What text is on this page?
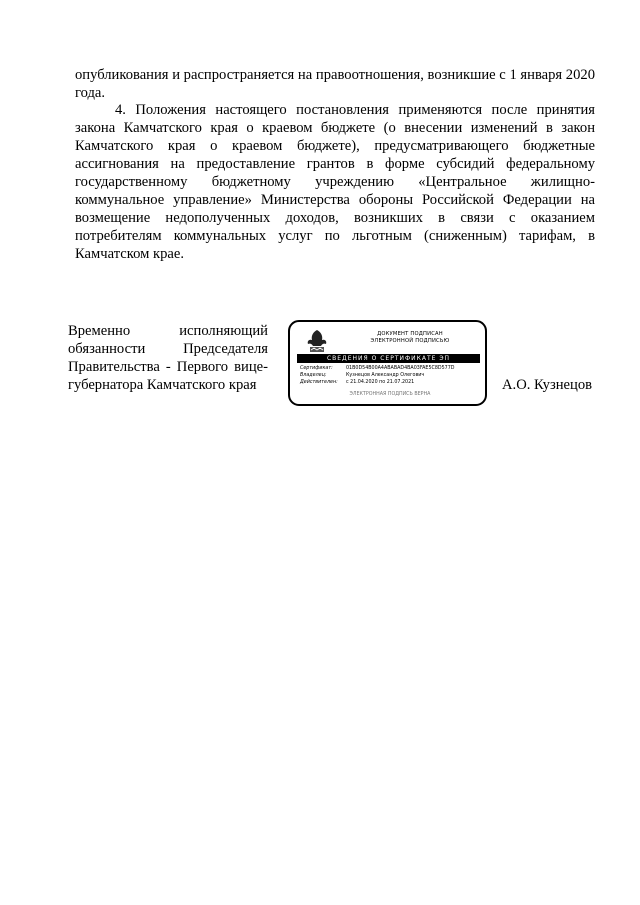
опубликования и распространяется на правоотношения, возникшие с 1 января 2020 года.

4. Положения настоящего постановления применяются после принятия закона Камчатского края о краевом бюджете (о внесении изменений в закон Камчатского края о краевом бюджете), предусматривающего бюджетные ассигнования на предоставление грантов в форме субсидий федеральному государственному бюджетному учреждению «Центральное жилищно-коммунальное управление» Министерства обороны Российской Федерации на возмещение недополученных доходов, возникших в связи с оказанием потребителям коммунальных услуг по льготным (сниженным) тарифам, в Камчатском крае.

Временно исполняющий обязанности Председателя Правительства - Первого вице-губернатора Камчатского края

ДОКУМЕНТ ПОДПИСАН
ЭЛЕКТРОННОЙ ПОДПИСЬЮ
СВЕДЕНИЯ О СЕРТИФИКАТЕ ЭП
Сертификат:	01B0D54B00A4ABABAD4BA03FAE5C8D577D
Владелец:	Кузнецов Александр Олегович
Действителен: с 21.04.2020 по 21.07.2021
ЭЛЕКТРОННАЯ ПОДПИСЬ ВЕРНА

А.О. Кузнецов
